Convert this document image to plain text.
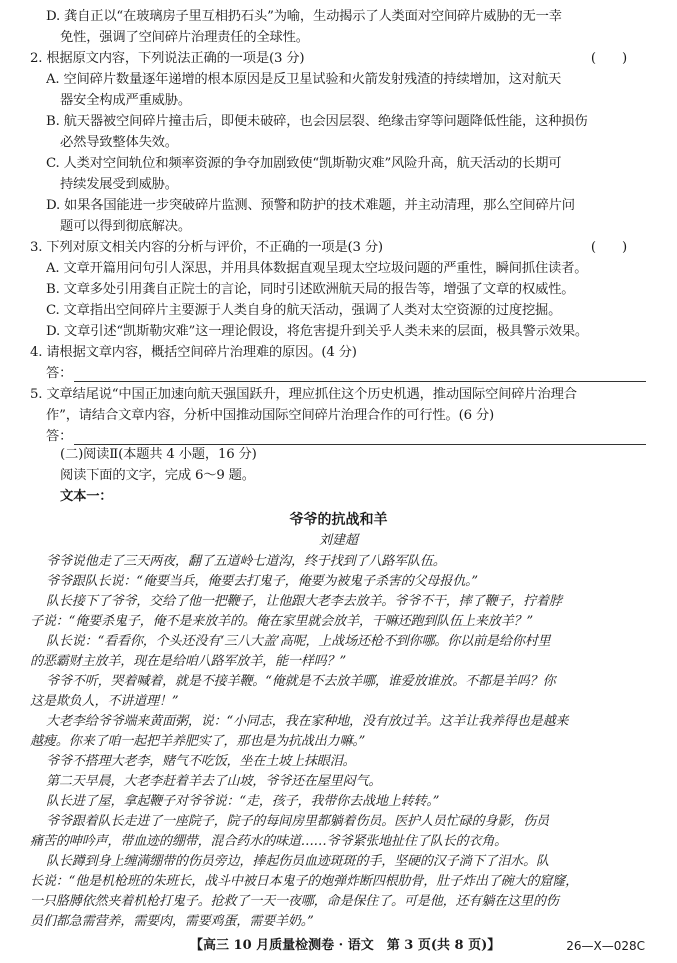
D. 龚自正以“在玻璃房子里互相扔石头”为喻，生动揭示了人类面对空间碎片威胁的无一幸
免性，强调了空间碎片治理责任的全球性。
2. 根据原文内容，下列说法正确的一项是(3 分)	(　　)
A. 空间碎片数量逐年递增的根本原因是反卫星试验和火箭发射残渣的持续增加，这对航天
器安全构成严重威胁。
B. 航天器被空间碎片撞击后，即便未破碎，也会因层裂、绝缘击穿等问题降低性能，这种损伤
必然导致整体失效。
C. 人类对空间轨位和频率资源的争夺加剧致使“凯斯勒灾难”风险升高，航天活动的长期可
持续发展受到威胁。
D. 如果各国能进一步突破碎片监测、预警和防护的技术难题，并主动清理，那么空间碎片问
题可以得到彻底解决。
3. 下列对原文相关内容的分析与评价，不正确的一项是(3 分)	(　　)
A. 文章开篇用问句引人深思，并用具体数据直观呈现太空垃圾问题的严重性，瞬间抓住读者。
B. 文章多处引用龚自正院士的言论，同时引述欧洲航天局的报告等，增强了文章的权威性。
C. 文章指出空间碎片主要源于人类自身的航天活动，强调了人类对太空资源的过度挖掘。
D. 文章引述“凯斯勒灾难”这一理论假设，将危害提升到关乎人类未来的层面，极具警示效果。
4. 请根据文章内容，概括空间碎片治理难的原因。(4 分)
答：
5. 文章结尾说“中国正加速向航天强国跃升，理应抓住这个历史机遇，推动国际空间碎片治理合
作”，请结合文章内容，分析中国推动国际空间碎片治理合作的可行性。(6 分)
答：
(二)阅读Ⅱ(本题共 4 小题，16 分)
阅读下面的文字，完成 6～9 题。
文本一：
爷爷的抗战和羊
刘建超
爷爷说他走了三天两夜，翻了五道岭七道沟，终于找到了八路军队伍。
爷爷跟队长说：“俺要当兵，俺要去打鬼子，俺要为被鬼子杀害的父母报仇。”
队长接下了爷爷，交给了他一把鞭子，让他跟大老李去放羊。爷爷不干，摔了鞭子，拧着脖
子说：“俺要杀鬼子，俺不是来放羊的。俺在家里就会放羊，干嘛还跑到队伍上来放羊？”
队长说：“看看你，个头还没有‘三八大盖’高呢，上战场还枪不到你哪。你以前是给你村里
的恶霸财主放羊，现在是给咱八路军放羊，能一样吗？”
爷爷不听，哭着喊着，就是不接羊鞭。“俺就是不去放羊哪，谁爱放谁放。不都是羊吗？你
这是欺负人，不讲道理！”
大老李给爷爷端来黄面粥，说：“小同志，我在家种地，没有放过羊。这羊让我养得也是越来
越瘦。你来了咱一起把羊养肥实了，那也是为抗战出力嘛。”
爷爷不搭理大老李，赌气不吃饭，坐在土坡上抹眼泪。
第二天早晨，大老李赶着羊去了山坡，爷爷还在屋里闷气。
队长进了屋，拿起鞭子对爷爷说：“走，孩子，我带你去战地上转转。”
爷爷跟着队长走进了一座院子，院子的每间房里都躺着伤员。医护人员忙碌的身影，伤员
痛苦的呻吟声，带血迹的绷带，混合药水的味道……爷爷紧张地扯住了队长的衣角。
队长蹲到身上缠满绷带的伤员旁边，捧起伤员血迹斑斑的手，坚硬的汉子淌下了泪水。队
长说：“他是机枪班的朱班长，战斗中被日本鬼子的炮弹炸断四根肋骨，肚子炸出了碗大的窟窿，
一只胳膊依然夹着机枪打鬼子。抢救了一天一夜哪，命是保住了。可是他，还有躺在这里的伤
【高三 10 月质量检测卷 · 语文　第 3 页(共 8 页)】	26—X—028C
员们都急需营养，需要肉，需要鸡蛋，需要羊奶。”
